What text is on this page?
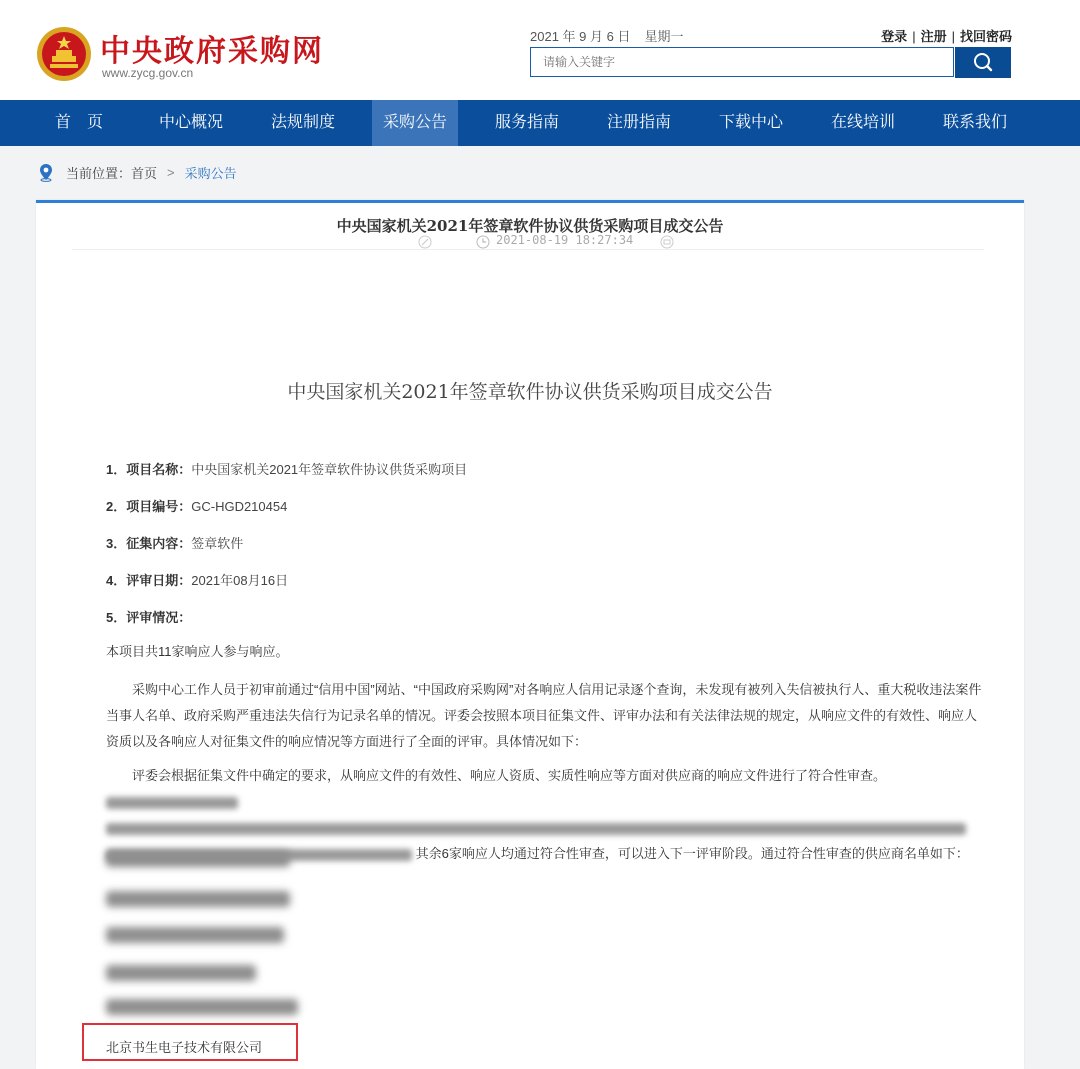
中央政府采购网
www.zycg.gov.cn
2021 年 9 月 6 日 星期一	登录 | 注册 | 找回密码
请输入关键字
首　页	中心概况	法规制度	采购公告	服务指南	注册指南	下载中心	在线培训	联系我们
当前位置： 首页 > 采购公告
中央国家机关2021年签章软件协议供货采购项目成交公告
2021-08-19 18:27:34
中央国家机关2021年签章软件协议供货采购项目成交公告
1．项目名称：中央国家机关2021年签章软件协议供货采购项目
2．项目编号：GC-HGD210454
3．征集内容：签章软件
4．评审日期：2021年08月16日
5．评审情况：
本项目共11家响应人参与响应。
　　采购中心工作人员于初审前通过“信用中国”网站、“中国政府采购网”对各响应人信用记录逐个查询，未发现有被列入失信被执行人、重大税收违法案件当事人名单、政府采购严重违法失信行为记录名单的情况。评委会按照本项目征集文件、评审办法和有关法律法规的规定，从响应文件的有效性、响应人资质以及各响应人对征集文件的响应情况等方面进行了全面的评审。具体情况如下：
　　评委会根据征集文件中确定的要求，从响应文件的有效性、响应人资质、实质性响应等方面对供应商的响应文件进行了符合性审查。    其余6家响应人均通过符合性审查，可以进入下一评审阶段。通过符合性审查的供应商名单如下：
北京书生电子技术有限公司
